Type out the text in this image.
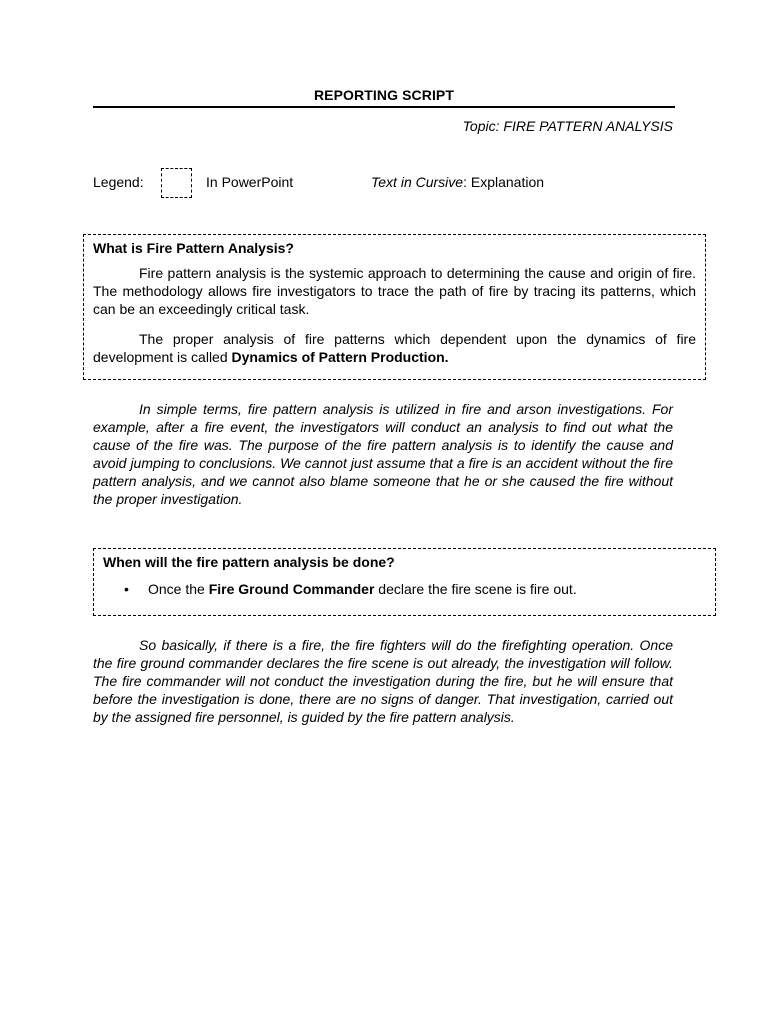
REPORTING SCRIPT
Topic: FIRE PATTERN ANALYSIS
Legend:	In PowerPoint	Text in Cursive: Explanation
What is Fire Pattern Analysis?

Fire pattern analysis is the systemic approach to determining the cause and origin of fire. The methodology allows fire investigators to trace the path of fire by tracing its patterns, which can be an exceedingly critical task.

The proper analysis of fire patterns which dependent upon the dynamics of fire development is called Dynamics of Pattern Production.

In simple terms, fire pattern analysis is utilized in fire and arson investigations. For example, after a fire event, the investigators will conduct an analysis to find out what the cause of the fire was. The purpose of the fire pattern analysis is to identify the cause and avoid jumping to conclusions. We cannot just assume that a fire is an accident without the fire pattern analysis, and we cannot also blame someone that he or she caused the fire without the proper investigation.

When will the fire pattern analysis be done?
• Once the Fire Ground Commander declare the fire scene is fire out.

So basically, if there is a fire, the fire fighters will do the firefighting operation. Once the fire ground commander declares the fire scene is out already, the investigation will follow. The fire commander will not conduct the investigation during the fire, but he will ensure that before the investigation is done, there are no signs of danger. That investigation, carried out by the assigned fire personnel, is guided by the fire pattern analysis.
